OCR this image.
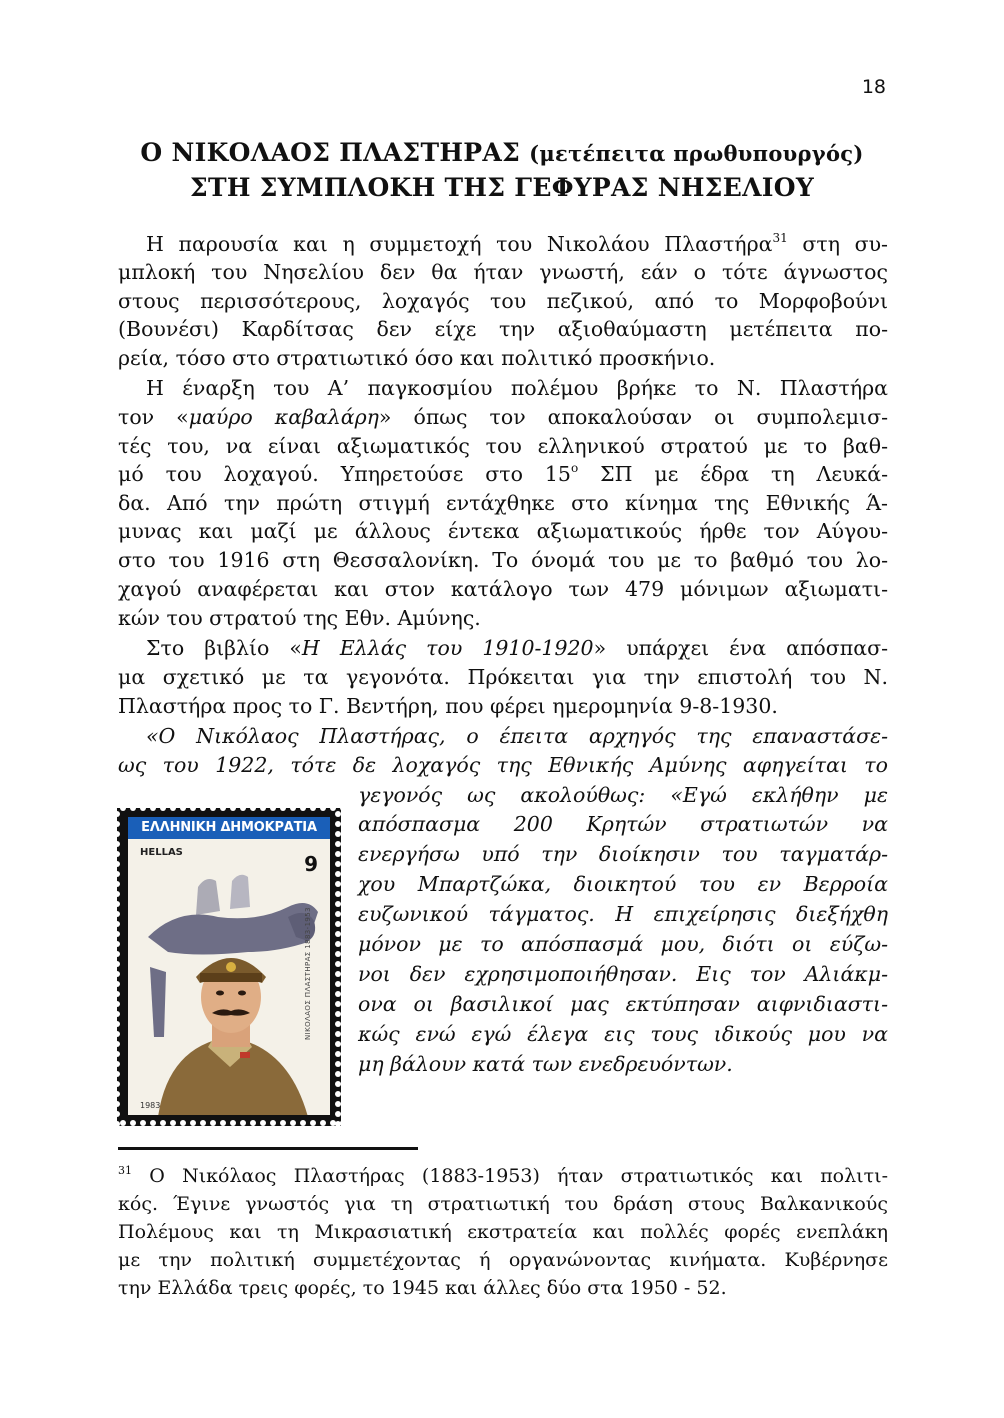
18
Ο ΝΙΚΟΛΑΟΣ ΠΛΑΣΤΗΡΑΣ (μετέπειτα πρωθυπουργός)
ΣΤΗ ΣΥΜΠΛΟΚΗ ΤΗΣ ΓΕΦΥΡΑΣ ΝΗΣΕΛΙΟΥ
Η παρουσία και η συμμετοχή του Νικολάου Πλαστήρα$^{31}$ στη συ-
μπλοκή του Νησελίου δεν θα ήταν γνωστή, εάν ο τότε άγνωστος
στους περισσότερους, λοχαγός του πεζικού, από το Μορφοβούνι
(Βουνέσι) Καρδίτσας δεν είχε την αξιοθαύμαστη μετέπειτα πο-
ρεία, τόσο στο στρατιωτικό όσο και πολιτικό προσκήνιο.
Η έναρξη του Α’ παγκοσμίου πολέμου βρήκε το Ν. Πλαστήρα
τον «μαύρο καβαλάρη» όπως τον αποκαλούσαν οι συμπολεμισ-
τές του, να είναι αξιωματικός του ελληνικού στρατού με το βαθ-
μό του λοχαγού. Υπηρετούσε στο $15^o$ ΣΠ με έδρα τη Λευκά-
δα. Από την πρώτη στιγμή εντάχθηκε στο κίνημα της Εθνικής Ά-
μυνας και μαζί με άλλους έντεκα αξιωματικούς ήρθε τον Αύγου-
στο του 1916 στη Θεσσαλονίκη. Το όνομά του με το βαθμό του λο-
χαγού αναφέρεται και στον κατάλογο των 479 μόνιμων αξιωματι-
κών του στρατού της Εθν. Αμύνης.
Στο βιβλίο «Η Ελλάς του 1910-1920» υπάρχει ένα απόσπασ-
μα σχετικό με τα γεγονότα. Πρόκειται για την επιστολή του Ν.
Πλαστήρα προς το Γ. Βεντήρη, που φέρει ημερομηνία 9-8-1930.
«Ο Νικόλαος Πλαστήρας, ο έπειτα αρχηγός της επαναστάσε-
ως του 1922, τότε δε λοχαγός της Εθνικής Αμύνης αφηγείται το
γεγονός ως ακολούθως: «Εγώ εκλήθην με
απόσπασμα 200 Κρητών στρατιωτών να
ενεργήσω υπό την διοίκησιν του ταγματάρ-
χου Μπαρτζώκα, διοικητού του εν Βερροία
ευζωνικού τάγματος. Η επιχείρησις διεξήχθη
μόνον με το απόσπασμά μου, διότι οι εύζω-
νοι δεν εχρησιμοποιήθησαν. Εις τον Αλιάκμ-
ονα οι βασιλικοί μας εκτύπησαν αιφνιδιαστι-
κώς ενώ εγώ έλεγα εις τους ιδικούς μου να
μη βάλουν κατά των ενεδρευόντων.
ΕΛΛΗΝΙΚΗ ΔΗΜΟΚΡΑΤΙΑ
HELLAS	9
ΝΙΚΟΛΑΟΣ ΠΛΑΣΤΗΡΑΣ 1883-1953
1983
$^{31}$ Ο Νικόλαος Πλαστήρας (1883-1953) ήταν στρατιωτικός και πολιτι-
κός. Έγινε γνωστός για τη στρατιωτική του δράση στους Βαλκανικούς
Πολέμους και τη Μικρασιατική εκστρατεία και πολλές φορές ενεπλάκη
με την πολιτική συμμετέχοντας ή οργανώνοντας κινήματα. Κυβέρνησε
την Ελλάδα τρεις φορές, το 1945 και άλλες δύο στα 1950 - 52.
